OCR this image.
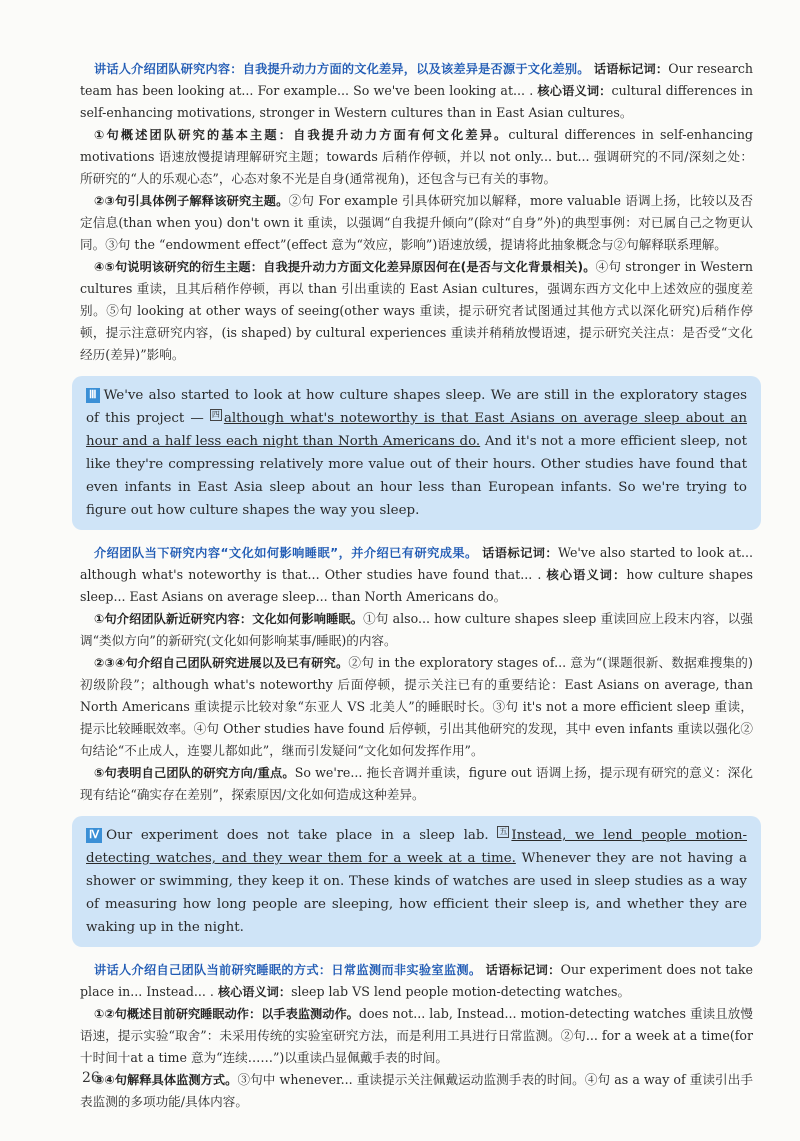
讲话人介绍团队研究内容：自我提升动力方面的文化差异，以及该差异是否源于文化差别。 话语标记词：Our research team has been looking at... For example... So we've been looking at... . 核心语义词：cultural differences in self-enhancing motivations, stronger in Western cultures than in East Asian cultures。

①句概述团队研究的基本主题：自我提升动力方面有何文化差异。cultural differences in self-enhancing motivations 语速放慢提请理解研究主题；towards 后稍作停顿，并以 not only... but... 强调研究的不同/深刻之处：所研究的“人的乐观心态”，心态对象不光是自身(通常视角)，还包含与已有关的事物。

②③句引具体例子解释该研究主题。②句 For example 引具体研究加以解释，more valuable 语调上扬，比较以及否定信息(than when you) don't own it 重读，以强调“自我提升倾向”(除对“自身”外)的典型事例：对已属自己之物更认同。③句 the “endowment effect”(effect 意为“效应，影响”)语速放缓，提请将此抽象概念与②句解释联系理解。

④⑤句说明该研究的衍生主题：自我提升动力方面文化差异原因何在(是否与文化背景相关)。④句 stronger in Western cultures 重读，且其后稍作停顿，再以 than 引出重读的 East Asian cultures，强调东西方文化中上述效应的强度差别。⑤句 looking at other ways of seeing(other ways 重读，提示研究者试图通过其他方式以深化研究)后稍作停顿，提示注意研究内容，(is shaped) by cultural experiences 重读并稍稍放慢语速，提示研究关注点：是否受“文化经历(差异)”影响。

Ⅲ We've also started to look at how culture shapes sleep. We are still in the exploratory stages of this project — 四 although what's noteworthy is that East Asians on average sleep about an hour and a half less each night than North Americans do. And it's not a more efficient sleep, not like they're compressing relatively more value out of their hours. Other studies have found that even infants in East Asia sleep about an hour less than European infants. So we're trying to figure out how culture shapes the way you sleep.

介绍团队当下研究内容“文化如何影响睡眠”，并介绍已有研究成果。 话语标记词：We've also started to look at... although what's noteworthy is that... Other studies have found that... . 核心语义词：how culture shapes sleep... East Asians on average sleep... than North Americans do。

①句介绍团队新近研究内容：文化如何影响睡眠。①句 also... how culture shapes sleep 重读回应上段末内容，以强调“类似方向”的新研究(文化如何影响某事/睡眠)的内容。

②③④句介绍自己团队研究进展以及已有研究。②句 in the exploratory stages of... 意为“(课题很新、数据难搜集的)初级阶段”；although what's noteworthy 后面停顿，提示关注已有的重要结论：East Asians on average, than North Americans 重读提示比较对象“东亚人 VS 北美人”的睡眠时长。③句 it's not a more efficient sleep 重读，提示比较睡眠效率。④句 Other studies have found 后停顿，引出其他研究的发现，其中 even infants 重读以强化②句结论“不止成人，连婴儿都如此”，继而引发疑问“文化如何发挥作用”。

⑤句表明自己团队的研究方向/重点。So we're... 拖长音调并重读，figure out 语调上扬，提示现有研究的意义：深化现有结论“确实存在差别”，探索原因/文化如何造成这种差异。

Ⅳ Our experiment does not take place in a sleep lab. 五 Instead, we lend people motion-detecting watches, and they wear them for a week at a time. Whenever they are not having a shower or swimming, they keep it on. These kinds of watches are used in sleep studies as a way of measuring how long people are sleeping, how efficient their sleep is, and whether they are waking up in the night.

讲话人介绍自己团队当前研究睡眠的方式：日常监测而非实验室监测。 话语标记词：Our experiment does not take place in... Instead... . 核心语义词：sleep lab VS lend people motion-detecting watches。

①②句概述目前研究睡眠动作：以手表监测动作。does not... lab, Instead... motion-detecting watches 重读且放慢语速，提示实验“取舍”：未采用传统的实验室研究方法，而是利用工具进行日常监测。②句... for a week at a time(for 十时间十at a time 意为“连续……”)以重读凸显佩戴手表的时间。

③④句解释具体监测方式。③句中 whenever... 重读提示关注佩戴运动监测手表的时间。④句 as a way of 重读引出手表监测的多项功能/具体内容。

26
